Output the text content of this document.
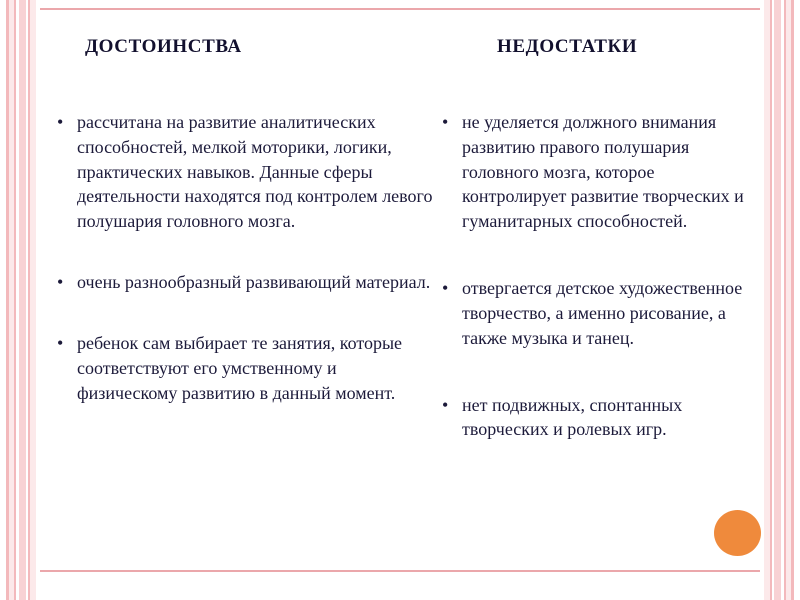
ДОСТОИНСТВА
• рассчитана на развитие аналитических способностей, мелкой моторики, логики, практических навыков. Данные сферы деятельности находятся под контролем левого полушария головного мозга.
• очень разнообразный развивающий материал.
• ребенок сам выбирает те занятия, которые соответствуют его умственному и физическому развитию в данный момент.
НЕДОСТАТКИ
• не уделяется должного внимания развитию правого полушария головного мозга, которое контролирует развитие творческих и гуманитарных способностей.
• отвергается детское художественное творчество, а именно рисование, а также музыка и танец.
• нет подвижных, спонтанных творческих и ролевых игр.
